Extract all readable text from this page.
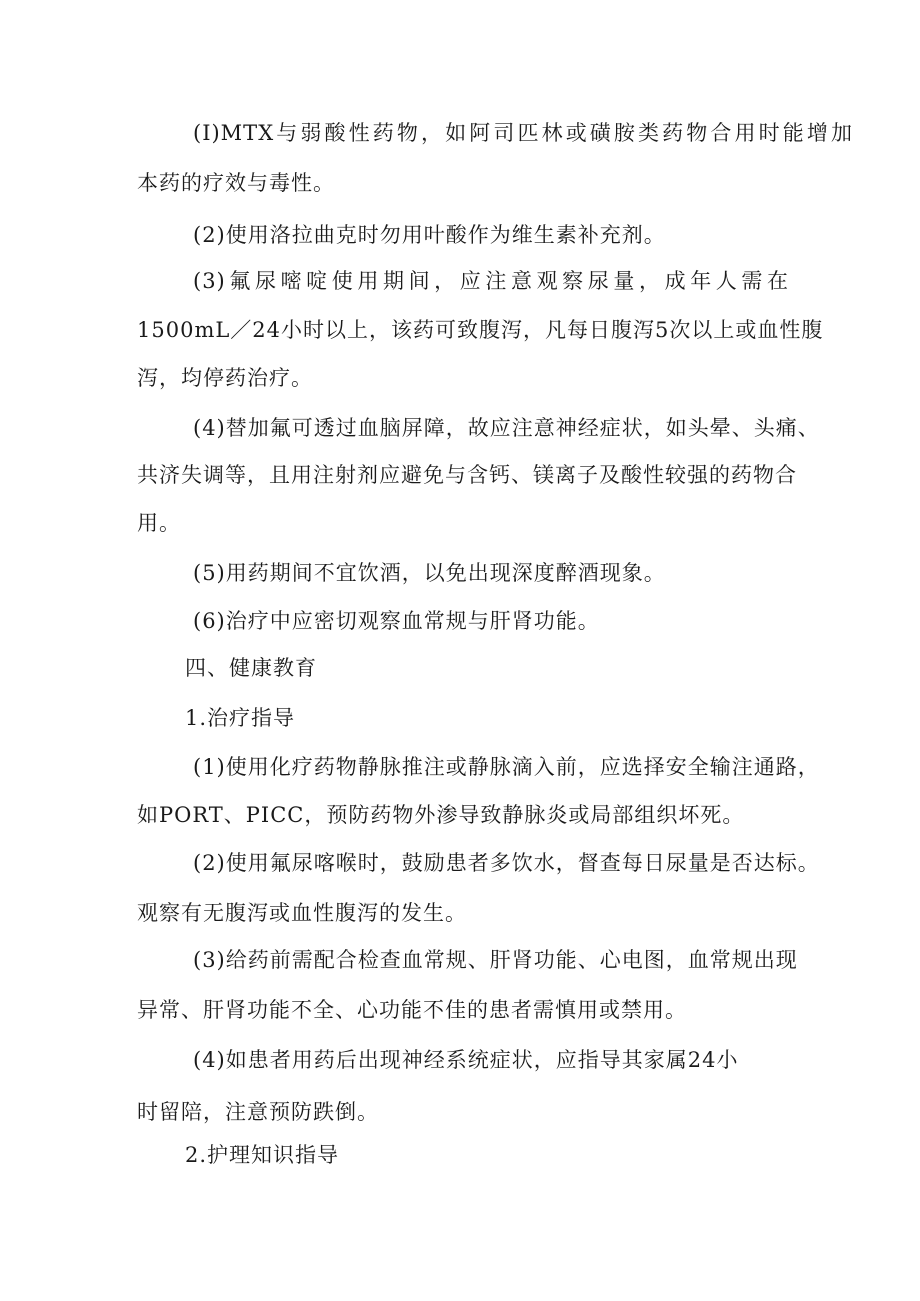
(I)MTX与弱酸性药物，如阿司匹林或磺胺类药物合用时能增加
本药的疗效与毒性。
(2)使用洛拉曲克时勿用叶酸作为维生素补充剂。
(3)氟尿嘧啶使用期间，应注意观察尿量，成年人需在
1500mL／24小时以上，该药可致腹泻，凡每日腹泻5次以上或血性腹
泻，均停药治疗。
(4)替加氟可透过血脑屏障，故应注意神经症状，如头晕、头痛、
共济失调等，且用注射剂应避免与含钙、镁离子及酸性较强的药物合
用。
(5)用药期间不宜饮酒，以免出现深度醉酒现象。
(6)治疗中应密切观察血常规与肝肾功能。
四、健康教育
1.治疗指导
(1)使用化疗药物静脉推注或静脉滴入前，应选择安全输注通路，
如PORT、PICC，预防药物外渗导致静脉炎或局部组织坏死。
(2)使用氟尿喀喉时，鼓励患者多饮水，督查每日尿量是否达标。
观察有无腹泻或血性腹泻的发生。
(3)给药前需配合检查血常规、肝肾功能、心电图，血常规出现
异常、肝肾功能不全、心功能不佳的患者需慎用或禁用。
(4)如患者用药后出现神经系统症状，应指导其家属24小
时留陪，注意预防跌倒。
2.护理知识指导
